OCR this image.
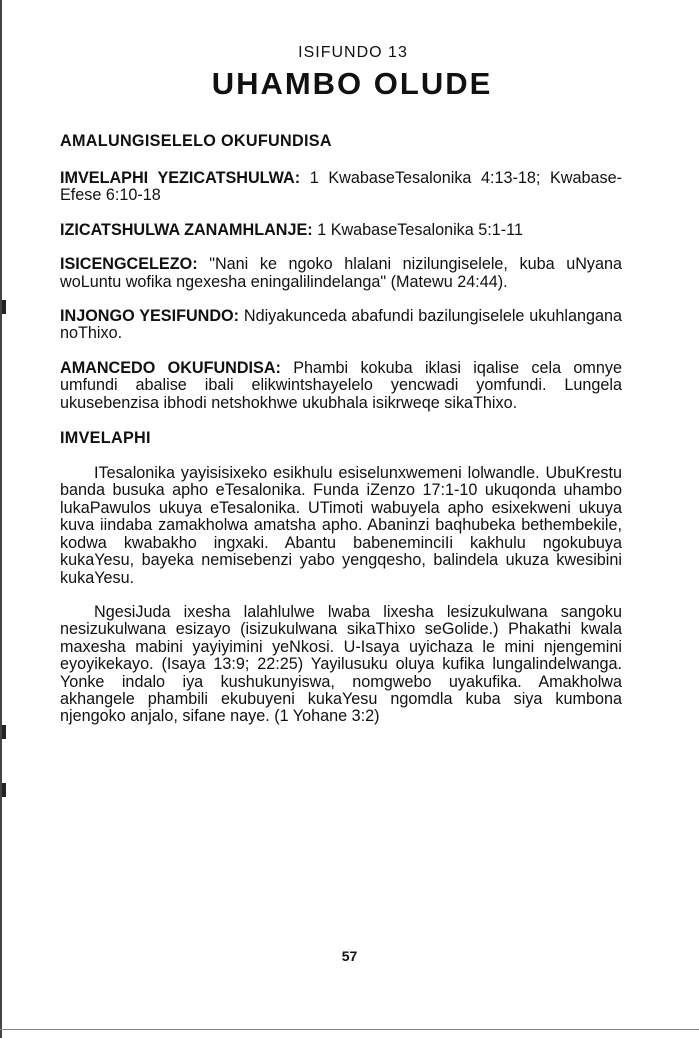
ISIFUNDO 13

UHAMBO OLUDE

AMALUNGISELELO OKUFUNDISA

IMVELAPHI YEZICATSHULWA: 1 KwabaseTesalonika 4:13-18; Kwabase-Efese 6:10-18

IZICATSHULWA ZANAMHLANJE: 1 KwabaseTesalonika 5:1-11

ISICENGCELEZO: "Nani ke ngoko hlalani nizilungiselele, kuba uNyana woLuntu wofika ngexesha eningalilindelanga" (Matewu 24:44).

INJONGO YESIFUNDO: Ndiyakunceda abafundi bazilungiselele ukuhlangana noThixo.

AMANCEDO OKUFUNDISA: Phambi kokuba iklasi iqalise cela omnye umfundi abalise ibali elikwintshayelelo yencwadi yomfundi. Lungela ukusebenzisa ibhodi netshokhwe ukubhala isikrweqe sikaThixo.

IMVELAPHI

ITesalonika yayisisixeko esikhulu esiselunxwemeni lolwandle. UbuKrestu banda busuka apho eTesalonika. Funda iZenzo 17:1-10 ukuqonda uhambo lukaPawulos ukuya eTesalonika. UTimoti wabuyela apho esixekweni ukuya kuva iindaba zamakholwa amatsha apho. Abaninzi baqhubeka bethembekile, kodwa kwabakho ingxaki. Abantu babeneminciIi kakhulu ngokubuya kukaYesu, bayeka nemisebenzi yabo yengqesho, balindela ukuza kwesibini kukaYesu.

NgesiJuda ixesha lalahlulwe lwaba lixesha lesizukulwana sangoku nesizukulwana esizayo (isizukulwana sikaThixo seGolide.) Phakathi kwala maxesha mabini yayiyimini yeNkosi. U-Isaya uyichaza le mini njengemini eyoyikekayo. (Isaya 13:9; 22:25) Yayilusuku oluya kufika lungalindelwanga. Yonke indalo iya kushukunyiswa, nomgwebo uyakufika. Amakholwa akhangele phambili ekubuyeni kukaYesu ngomdla kuba siya kumbona njengoko anjalo, sifane naye. (1 Yohane 3:2)

57
